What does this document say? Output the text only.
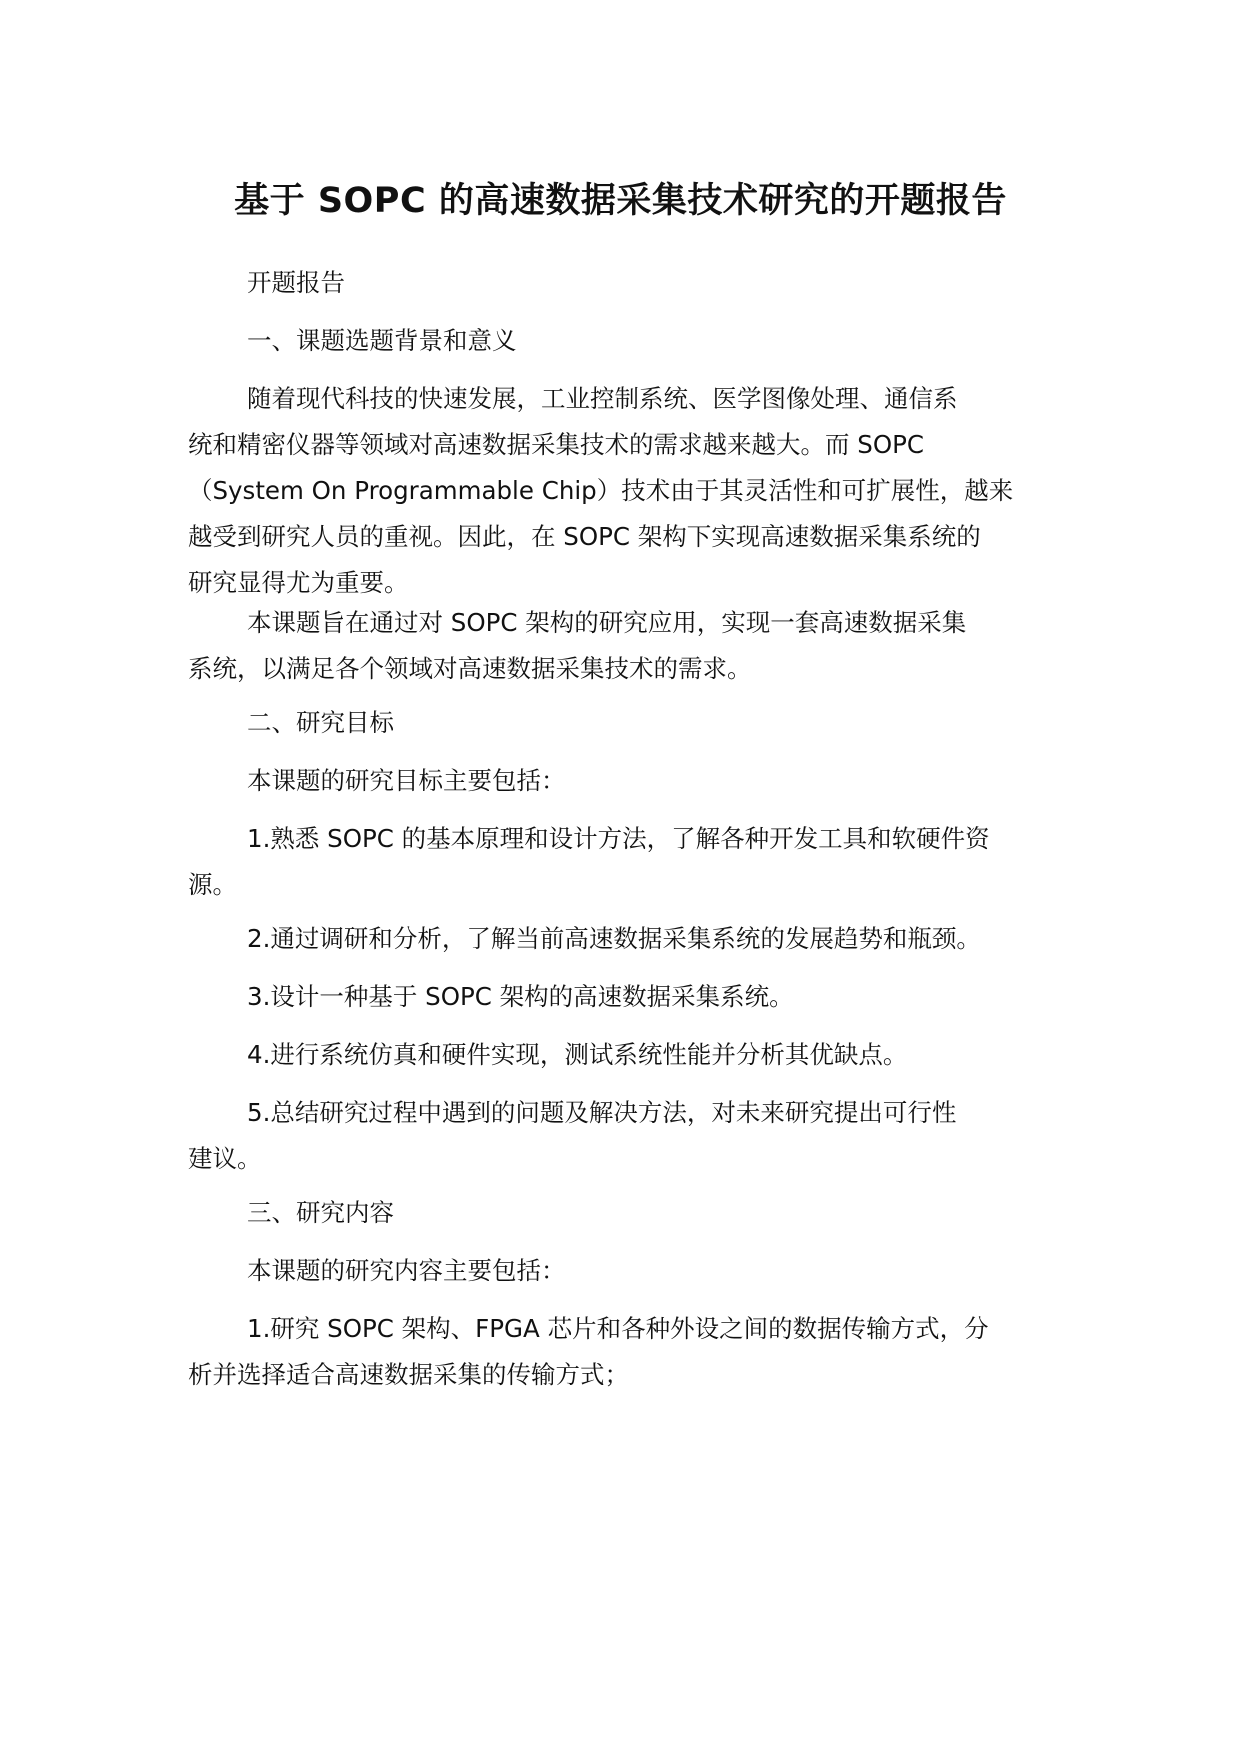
基于 SOPC 的高速数据采集技术研究的开题报告

开题报告

一、课题选题背景和意义

随着现代科技的快速发展，工业控制系统、医学图像处理、通信系
统和精密仪器等领域对高速数据采集技术的需求越来越大。而 SOPC
（System On Programmable Chip）技术由于其灵活性和可扩展性，越来
越受到研究人员的重视。因此，在 SOPC 架构下实现高速数据采集系统的
研究显得尤为重要。

本课题旨在通过对 SOPC 架构的研究应用，实现一套高速数据采集
系统，以满足各个领域对高速数据采集技术的需求。

二、研究目标

本课题的研究目标主要包括：

1.熟悉 SOPC 的基本原理和设计方法，了解各种开发工具和软硬件资
源。

2.通过调研和分析，了解当前高速数据采集系统的发展趋势和瓶颈。

3.设计一种基于 SOPC 架构的高速数据采集系统。

4.进行系统仿真和硬件实现，测试系统性能并分析其优缺点。

5.总结研究过程中遇到的问题及解决方法，对未来研究提出可行性
建议。

三、研究内容

本课题的研究内容主要包括：

1.研究 SOPC 架构、FPGA 芯片和各种外设之间的数据传输方式，分
析并选择适合高速数据采集的传输方式；
